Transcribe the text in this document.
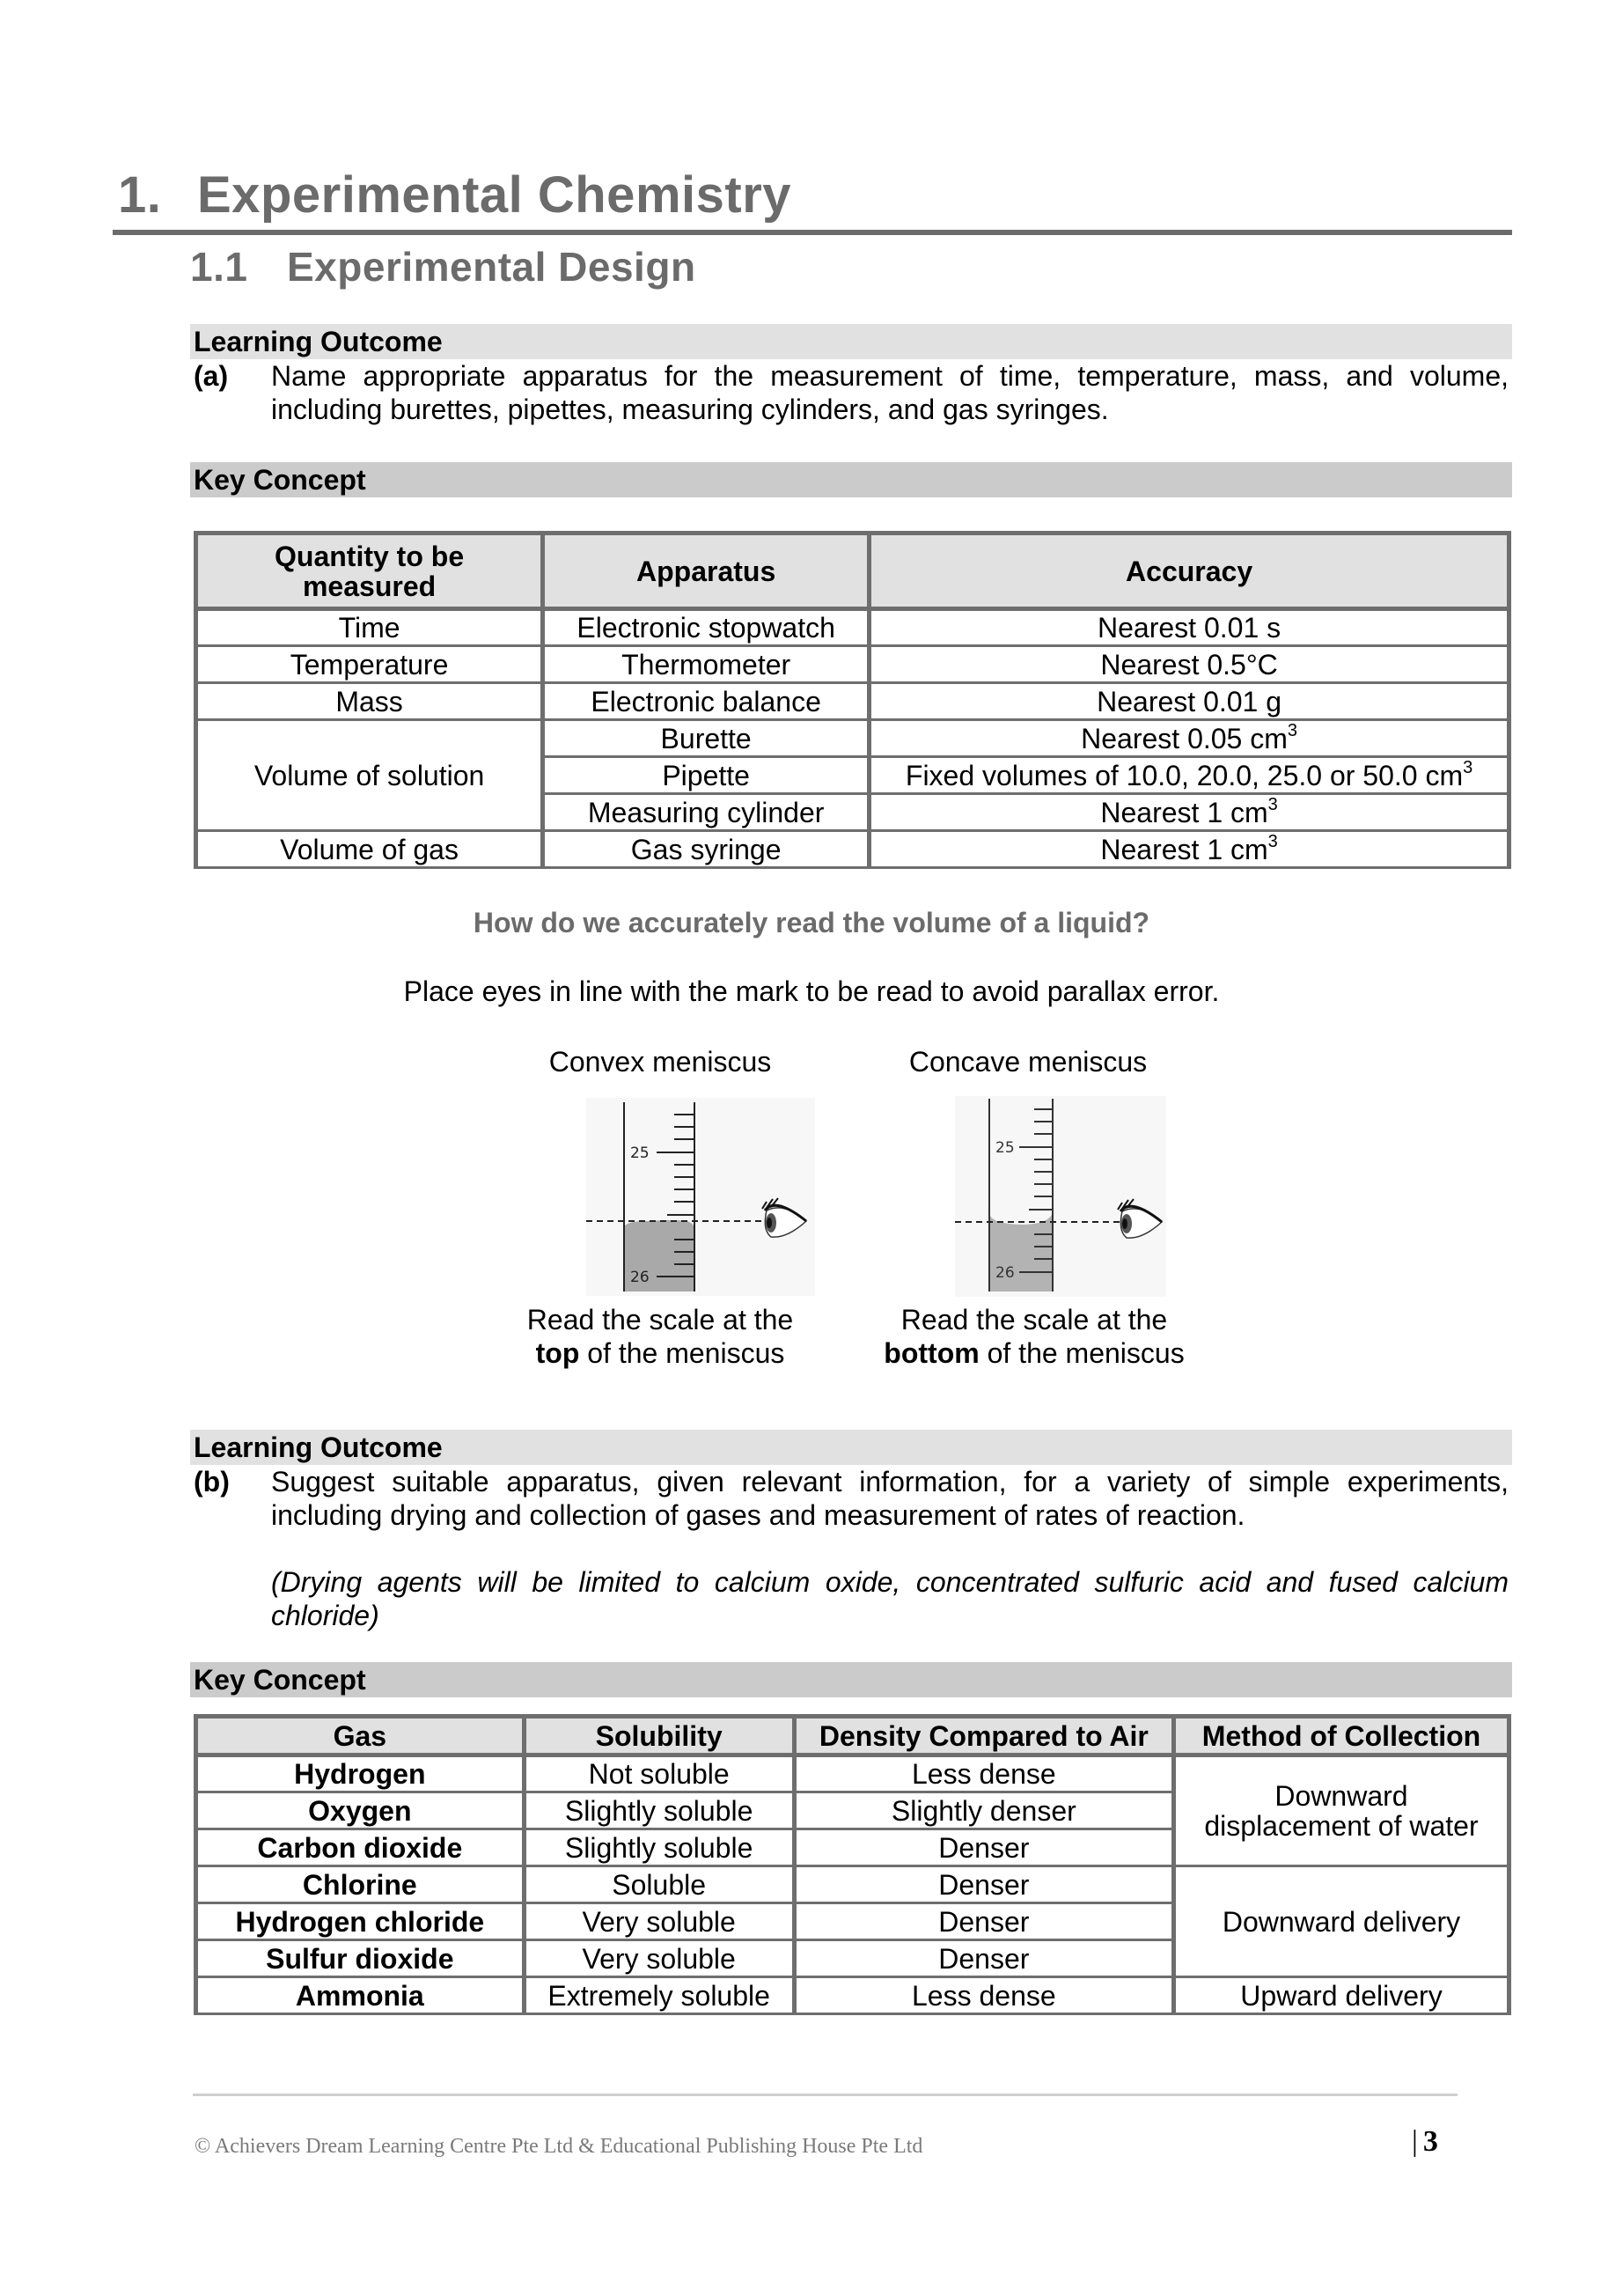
1. Experimental Chemistry
1.1 Experimental Design
Learning Outcome
(a) Name appropriate apparatus for the measurement of time, temperature, mass, and volume, including burettes, pipettes, measuring cylinders, and gas syringes.
Key Concept
Quantity to be measured	Apparatus	Accuracy
Time	Electronic stopwatch	Nearest 0.01 s
Temperature	Thermometer	Nearest 0.5°C
Mass	Electronic balance	Nearest 0.01 g
Volume of solution	Burette	Nearest 0.05 $cm^3$
	Pipette	Fixed volumes of 10.0, 20.0, 25.0 or 50.0 $cm^3$
	Measuring cylinder	Nearest 1 $cm^3$
Volume of gas	Gas syringe	Nearest 1 $cm^3$
How do we accurately read the volume of a liquid?
Place eyes in line with the mark to be read to avoid parallax error.
Convex meniscus
25
26
Read the scale at the
top of the meniscus
Concave meniscus
25
26
Read the scale at the
bottom of the meniscus
Learning Outcome
(b) Suggest suitable apparatus, given relevant information, for a variety of simple experiments, including drying and collection of gases and measurement of rates of reaction.
(Drying agents will be limited to calcium oxide, concentrated sulfuric acid and fused calcium chloride)
Key Concept
Gas	Solubility	Density Compared to Air	Method of Collection
Hydrogen	Not soluble	Less dense	Downward displacement of water
Oxygen	Slightly soluble	Slightly denser	
Carbon dioxide	Slightly soluble	Denser	
Chlorine	Soluble	Denser	Downward delivery
Hydrogen chloride	Very soluble	Denser	
Sulfur dioxide	Very soluble	Denser	
Ammonia	Extremely soluble	Less dense	Upward delivery
© Achievers Dream Learning Centre Pte Ltd & Educational Publishing House Pte Ltd	| 3
